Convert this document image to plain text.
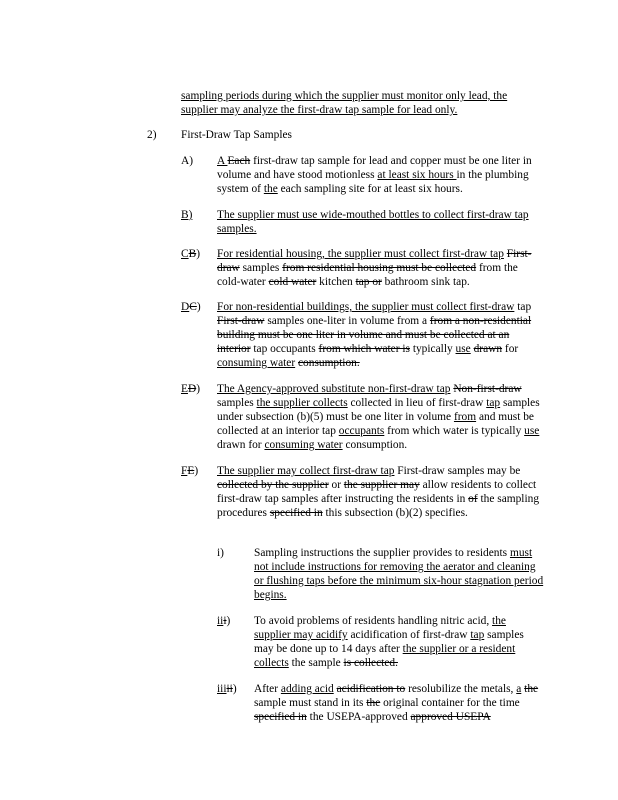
sampling periods during which the supplier must monitor only lead, the supplier may analyze the first-draw tap sample for lead only.

2) First-Draw Tap Samples
A) A Each first-draw tap sample for lead and copper must be one liter in volume and have stood motionless at least six hours in the plumbing system of the each sampling site for at least six hours.

B) The supplier must use wide-mouthed bottles to collect first-draw tap samples.

CB) For residential housing, the supplier must collect first-draw tap First-draw samples from residential housing must be collected from the cold-water cold water kitchen tap or bathroom sink tap.

DC) For non-residential buildings, the supplier must collect first-draw tap First-draw samples one-liter in volume from a from a non-residential building must be one liter in volume and must be collected at an interior tap occupants from which water is typically use drawn for consuming water consumption.

ED) The Agency-approved substitute non-first-draw tap Non-first-draw samples the supplier collects collected in lieu of first-draw tap samples under subsection (b)(5) must be one liter in volume from and must be collected at an interior tap occupants from which water is typically use drawn for consuming water consumption.

FE) The supplier may collect first-draw tap First-draw samples may be collected by the supplier or the supplier may allow residents to collect first-draw tap samples after instructing the residents in of the sampling procedures specified in this subsection (b)(2) specifies.

i)	Sampling instructions the supplier provides to residents must not include instructions for removing the aerator and cleaning or flushing taps before the minimum six-hour stagnation period begins.

iii) To avoid problems of residents handling nitric acid, the supplier may acidify acidification of first-draw tap samples may be done up to 14 days after the supplier or a resident collects the sample is collected.

iiiii) After adding acid acidification to resolubilize the metals, a the sample must stand in its the original container for the time specified in the USEPA-approved approved USEPA
